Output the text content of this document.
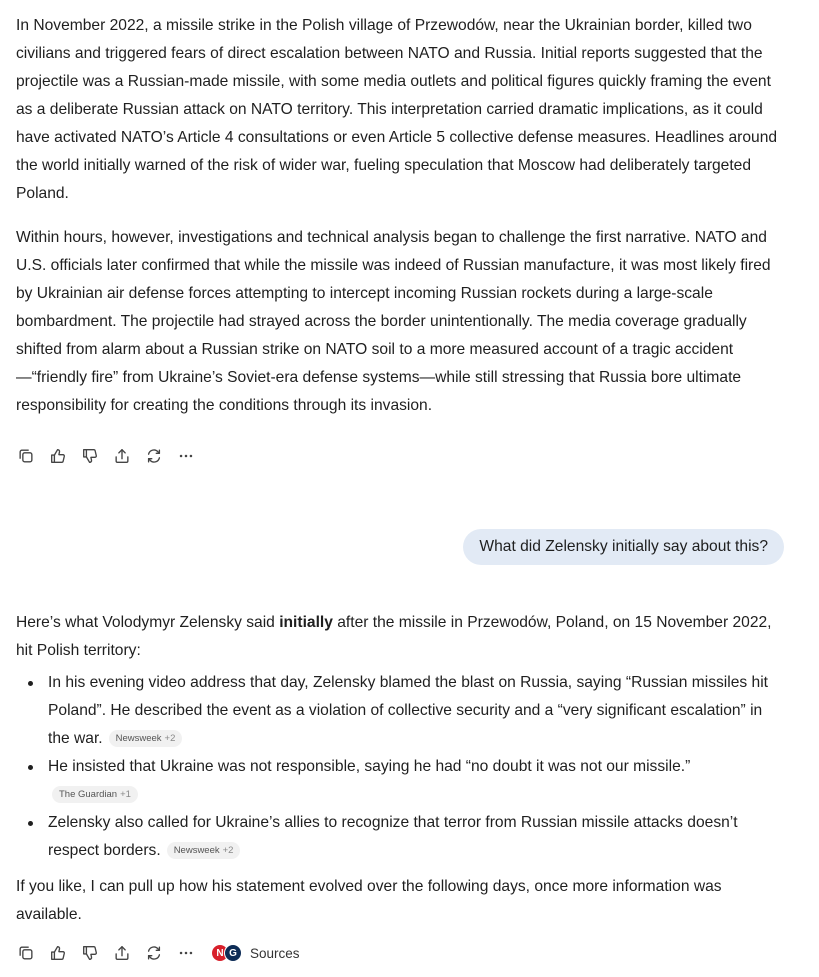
In November 2022, a missile strike in the Polish village of Przewodów, near the Ukrainian border, killed two civilians and triggered fears of direct escalation between NATO and Russia. Initial reports suggested that the projectile was a Russian-made missile, with some media outlets and political figures quickly framing the event as a deliberate Russian attack on NATO territory. This interpretation carried dramatic implications, as it could have activated NATO’s Article 4 consultations or even Article 5 collective defense measures. Headlines around the world initially warned of the risk of wider war, fueling speculation that Moscow had deliberately targeted Poland.

Within hours, however, investigations and technical analysis began to challenge the first narrative. NATO and U.S. officials later confirmed that while the missile was indeed of Russian manufacture, it was most likely fired by Ukrainian air defense forces attempting to intercept incoming Russian rockets during a large-scale bombardment. The projectile had strayed across the border unintentionally. The media coverage gradually shifted from alarm about a Russian strike on NATO soil to a more measured account of a tragic accident —“friendly fire” from Ukraine’s Soviet-era defense systems—while still stressing that Russia bore ultimate responsibility for creating the conditions through its invasion.

What did Zelensky initially say about this?

Here’s what Volodymyr Zelensky said initially after the missile in Przewodów, Poland, on 15 November 2022, hit Polish territory:

In his evening video address that day, Zelensky blamed the blast on Russia, saying “Russian missiles hit Poland”. He described the event as a violation of collective security and a “very significant escalation” in the war. Newsweek +2
He insisted that Ukraine was not responsible, saying he had “no doubt it was not our missile.”
The Guardian +1
Zelensky also called for Ukraine’s allies to recognize that terror from Russian missile attacks doesn’t respect borders. Newsweek +2

If you like, I can pull up how his statement evolved over the following days, once more information was available.

N G Sources
